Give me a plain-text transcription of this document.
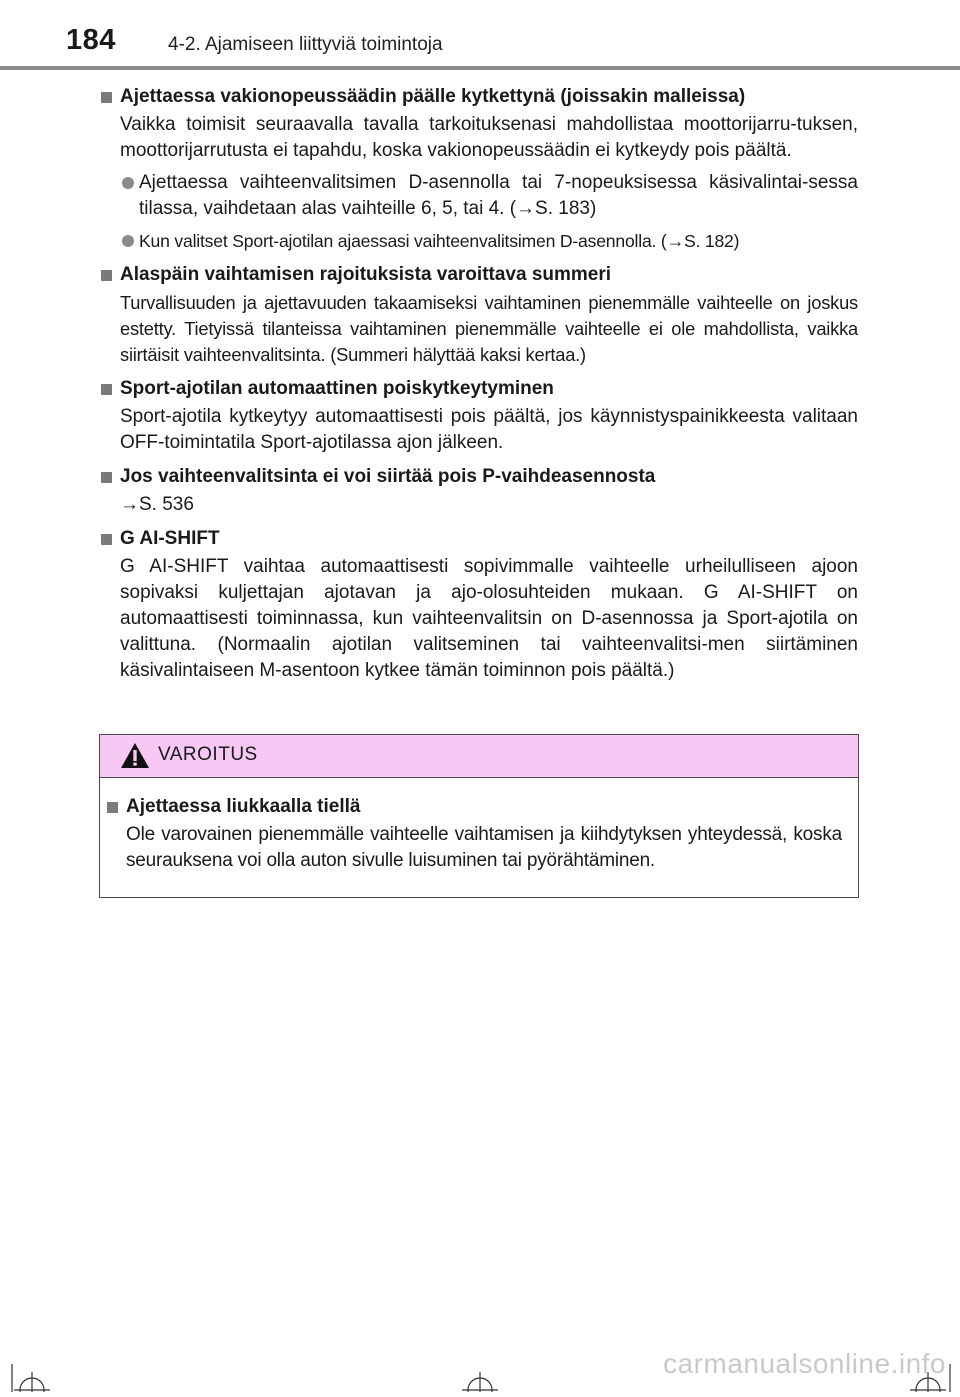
184	4-2. Ajamiseen liittyviä toimintoja
Ajettaessa vakionopeussäädin päälle kytkettynä (joissakin malleissa)
Vaikka toimisit seuraavalla tavalla tarkoituksenasi mahdollistaa moottorijarru-tuksen, moottorijarrutusta ei tapahdu, koska vakionopeussäädin ei kytkeydy pois päältä.
Ajettaessa vaihteenvalitsimen D-asennolla tai 7-nopeuksisessa käsivalintai-sessa tilassa, vaihdetaan alas vaihteille 6, 5, tai 4. (→S. 183)
Kun valitset Sport-ajotilan ajaessasi vaihteenvalitsimen D-asennolla. (→S. 182)
Alaspäin vaihtamisen rajoituksista varoittava summeri
Turvallisuuden ja ajettavuuden takaamiseksi vaihtaminen pienemmälle vaihteelle on joskus estetty. Tietyissä tilanteissa vaihtaminen pienemmälle vaihteelle ei ole mahdollista, vaikka siirtäisit vaihteenvalitsinta. (Summeri hälyttää kaksi kertaa.)
Sport-ajotilan automaattinen poiskytkeytyminen
Sport-ajotila kytkeytyy automaattisesti pois päältä, jos käynnistyspainikkeesta valitaan OFF-toimintatila Sport-ajotilassa ajon jälkeen.
Jos vaihteenvalitsinta ei voi siirtää pois P-vaihdeasennosta
→S. 536
G AI-SHIFT
G AI-SHIFT vaihtaa automaattisesti sopivimmalle vaihteelle urheilulliseen ajoon sopivaksi kuljettajan ajotavan ja ajo-olosuhteiden mukaan. G AI-SHIFT on automaattisesti toiminnassa, kun vaihteenvalitsin on D-asennossa ja Sport-ajotila on valittuna. (Normaalin ajotilan valitseminen tai vaihteenvalitsi-men siirtäminen käsivalintaiseen M-asentoon kytkee tämän toiminnon pois päältä.)
VAROITUS
Ajettaessa liukkaalla tiellä
Ole varovainen pienemmälle vaihteelle vaihtamisen ja kiihdytyksen yhteydessä, koska seurauksena voi olla auton sivulle luisuminen tai pyörähtäminen.
carmanualsonline.info
